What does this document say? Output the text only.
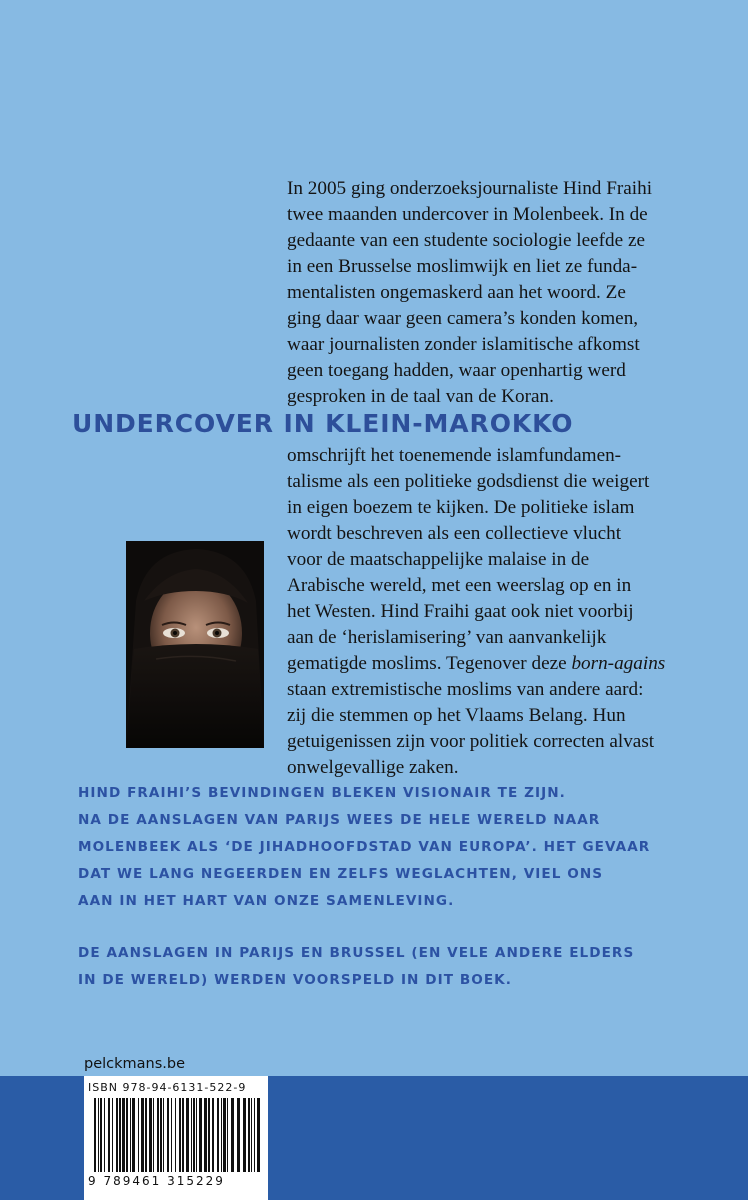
In 2005 ging onderzoeksjournaliste Hind Fraihi
twee maanden undercover in Molenbeek. In de
gedaante van een studente sociologie leefde ze
in een Brusselse moslimwijk en liet ze funda-
mentalisten ongemaskerd aan het woord. Ze
ging daar waar geen camera’s konden komen,
waar journalisten zonder islamitische afkomst
geen toegang hadden, waar openhartig werd
gesproken in de taal van de Koran.
UNDERCOVER IN KLEIN-MAROKKO
omschrijft het toenemende islamfundamen-
talisme als een politieke godsdienst die weigert
in eigen boezem te kijken. De politieke islam
wordt beschreven als een collectieve vlucht
voor de maatschappelijke malaise in de
Arabische wereld, met een weerslag op en in
het Westen. Hind Fraihi gaat ook niet voorbij
aan de ‘herislamisering’ van aanvankelijk
gematigde moslims. Tegenover deze born-agains
staan extremistische moslims van andere aard:
zij die stemmen op het Vlaams Belang. Hun
getuigenissen zijn voor politiek correcten alvast
onwelgevallige zaken.
HIND FRAIHI’S BEVINDINGEN BLEKEN VISIONAIR TE ZIJN.
NA DE AANSLAGEN VAN PARIJS WEES DE HELE WERELD NAAR
MOLENBEEK ALS ‘DE JIHADHOOFDSTAD VAN EUROPA’. HET GEVAAR
DAT WE LANG NEGEERDEN EN ZELFS WEGLACHTEN, VIEL ONS
AAN IN HET HART VAN ONZE SAMENLEVING.
DE AANSLAGEN IN PARIJS EN BRUSSEL (EN VELE ANDERE ELDERS
IN DE WERELD) WERDEN VOORSPELD IN DIT BOEK.
pelckmans.be
ISBN 978-94-6131-522-9
9 789461 315229
